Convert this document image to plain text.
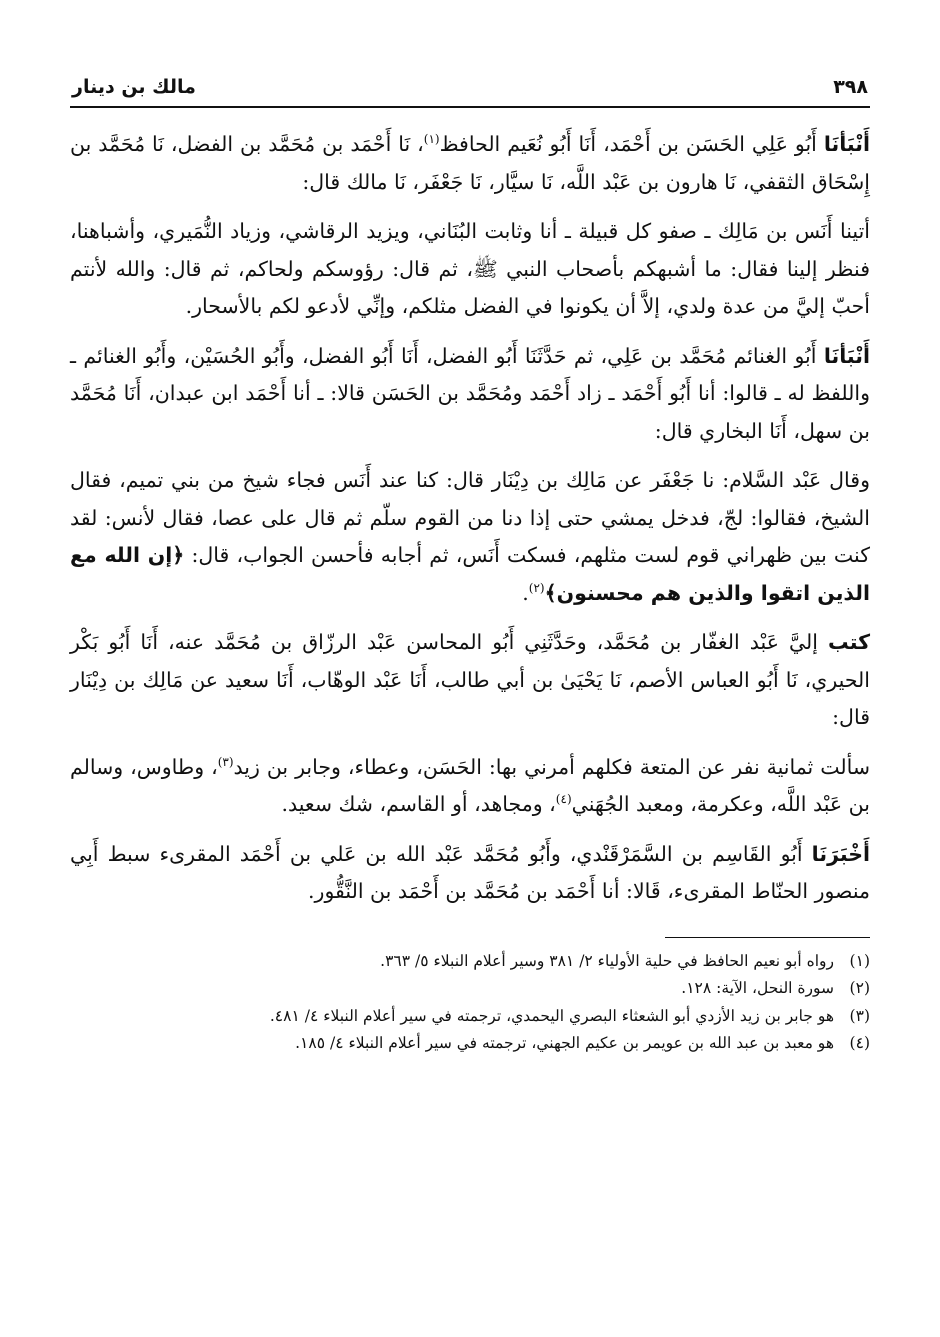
٣٩٨
مالك بن دينار

أَنْبَأنَا أَبُو عَلِي الحَسَن بن أَحْمَد، أَنَا أَبُو نُعَيم الحافظ$^{(١)}$، نَا أَحْمَد بن مُحَمَّد بن الفضل، نَا مُحَمَّد بن إِسْحَاق الثقفي، نَا هارون بن عَبْد اللَّه، نَا سيَّار، نَا جَعْفَر، نَا مالك قال:

أتينا أَنَس بن مَالِك ـ صفو كل قبيلة ـ أنا وثابت البُنَاني، ويزيد الرقاشي، وزياد النُّمَيري، وأشباهنا، فنظر إلينا فقال: ما أشبهكم بأصحاب النبي ﷺ، ثم قال: رؤوسكم ولحاكم، ثم قال: والله لأنتم أحبّ إليَّ من عدة ولدي، إلاَّ أن يكونوا في الفضل مثلكم، وإنِّي لأدعو لكم بالأسحار.

أَنْبَأنَا أَبُو الغنائم مُحَمَّد بن عَلِي، ثم حَدَّثَنَا أَبُو الفضل، أَنَا أَبُو الفضل، وأَبُو الحُسَيْن، وأَبُو الغنائم ـ واللفظ له ـ قالوا: أنا أَبُو أَحْمَد ـ زاد أَحْمَد ومُحَمَّد بن الحَسَن قالا: ـ أنا أَحْمَد ابن عبدان، أَنَا مُحَمَّد بن سهل، أَنَا البخاري قال:

وقال عَبْد السَّلام: نا جَعْفَر عن مَالِك بن دِيْنَار قال: كنا عند أَنَس فجاء شيخ من بني تميم، فقال الشيخ، فقالوا: لجّ، فدخل يمشي حتى إذا دنا من القوم سلّم ثم قال على عصا، فقال لأنس: لقد كنت بين ظهراني قوم لست مثلهم، فسكت أَنَس، ثم أجابه فأحسن الجواب، قال: ﴿إن الله مع الذين اتقوا والذين هم محسنون﴾$^{(٢)}$.

كتب إليَّ عَبْد الغفّار بن مُحَمَّد، وحَدَّثَنِي أَبُو المحاسن عَبْد الرزّاق بن مُحَمَّد عنه، أَنَا أَبُو بَكْر الحيري، نَا أَبُو العباس الأصم، نَا يَحْيَىٰ بن أبي طالب، أَنَا عَبْد الوهّاب، أَنَا سعيد عن مَالِك بن دِيْنَار قال:

سألت ثمانية نفر عن المتعة فكلهم أمرني بها: الحَسَن، وعطاء، وجابر بن زيد$^{(٣)}$، وطاوس، وسالم بن عَبْد اللَّه، وعكرمة، ومعبد الجُهَني$^{(٤)}$، ومجاهد، أو القاسم، شك سعيد.

أَخْبَرَنَا أَبُو القَاسِم بن السَّمَرْقَنْدي، وأَبُو مُحَمَّد عَبْد الله بن عَلي بن أَحْمَد المقرىء سبط أَبِي منصور الحنّاط المقرىء، قَالا: أنا أَحْمَد بن مُحَمَّد بن أَحْمَد بن النَّقُّور.

(١)
رواه أبو نعيم الحافظ في حلية الأولياء ٢/ ٣٨١ وسير أعلام النبلاء ٥/ ٣٦٣.
(٢)
سورة النحل، الآية: ١٢٨.
(٣)
هو جابر بن زيد الأزدي أبو الشعثاء البصري اليحمدي، ترجمته في سير أعلام النبلاء ٤/ ٤٨١.
(٤)
هو معبد بن عبد الله بن عويمر بن عكيم الجهني، ترجمته في سير أعلام النبلاء ٤/ ١٨٥.
